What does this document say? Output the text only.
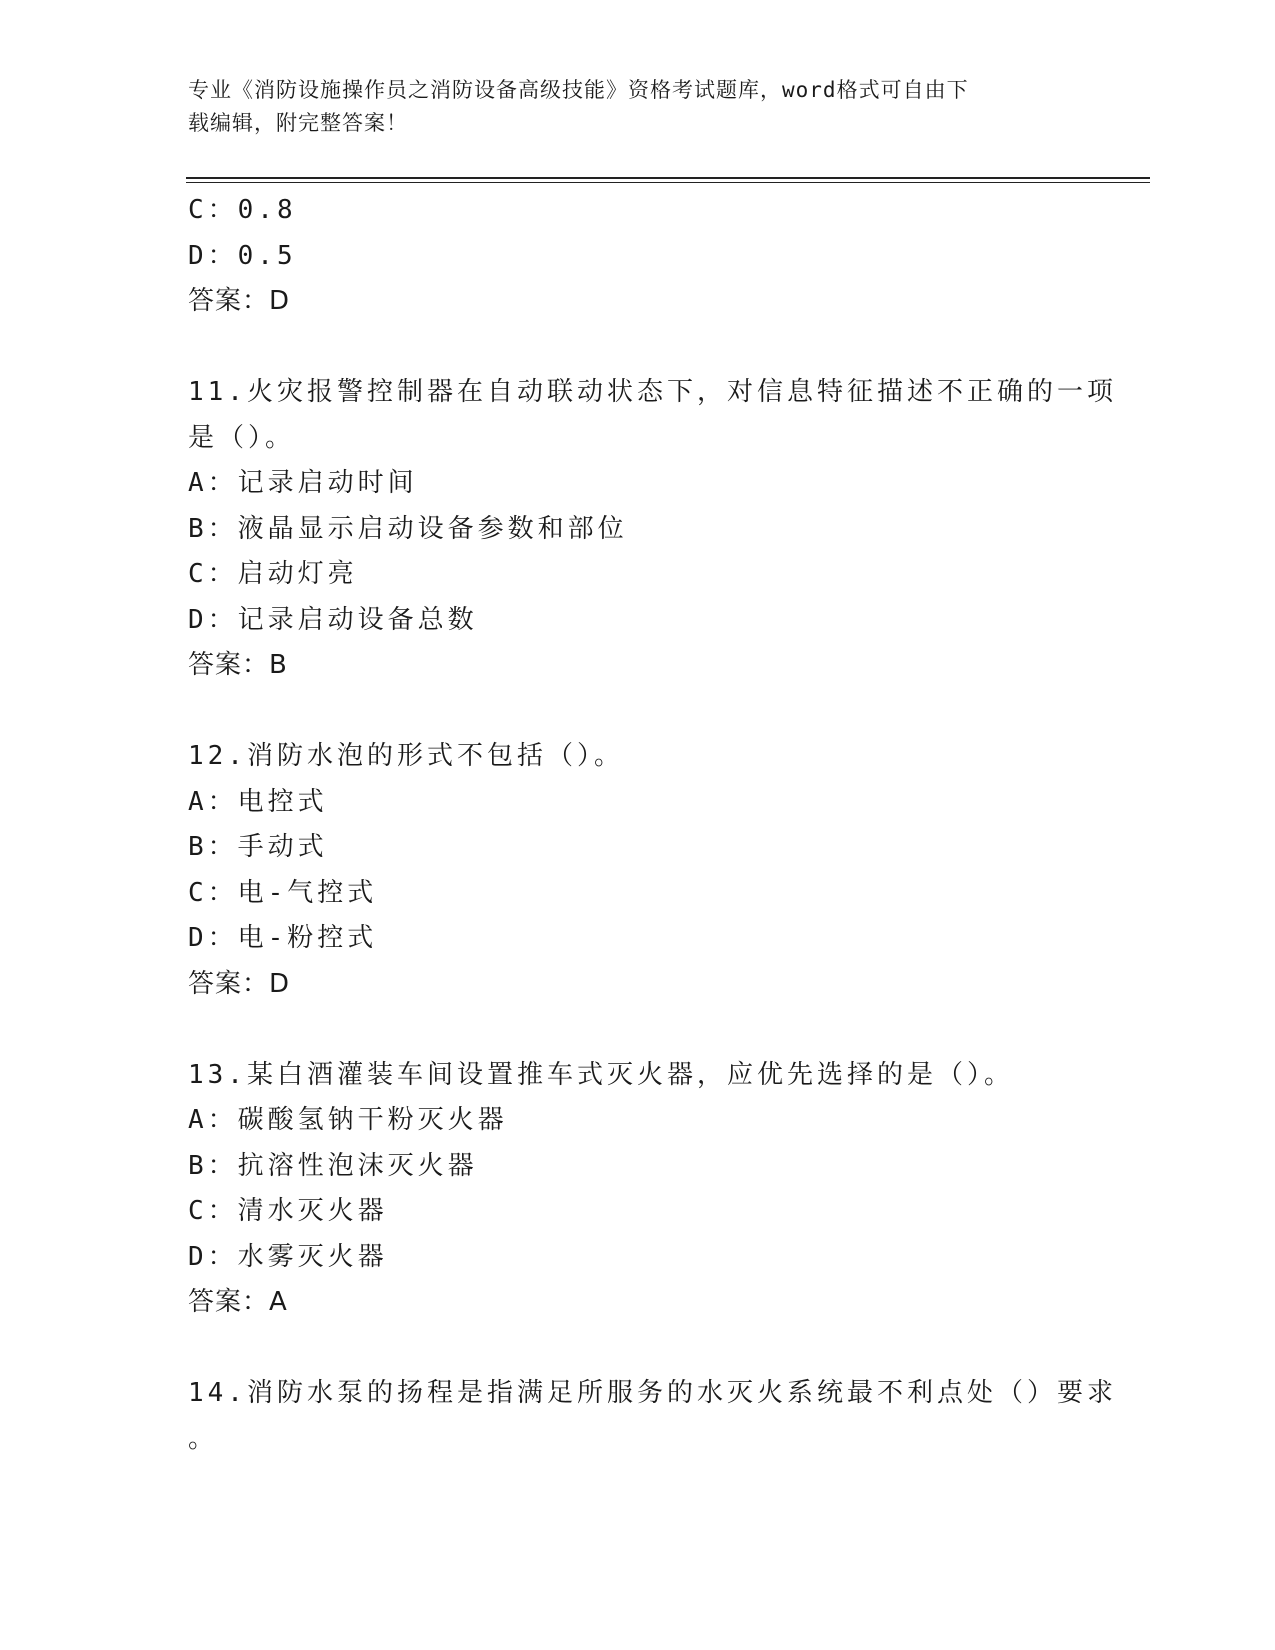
专业《消防设施操作员之消防设备高级技能》资格考试题库，word格式可自由下
载编辑，附完整答案！
C：0.8
D：0.5
答案：D
11.火灾报警控制器在自动联动状态下，对信息特征描述不正确的一项
是（）。
A：记录启动时间
B：液晶显示启动设备参数和部位
C：启动灯亮
D：记录启动设备总数
答案：B
12.消防水泡的形式不包括（）。
A：电控式
B：手动式
C：电-气控式
D：电-粉控式
答案：D
13.某白酒灌装车间设置推车式灭火器，应优先选择的是（）。
A：碳酸氢钠干粉灭火器
B：抗溶性泡沫灭火器
C：清水灭火器
D：水雾灭火器
答案：A
14.消防水泵的扬程是指满足所服务的水灭火系统最不利点处（）要求
。
